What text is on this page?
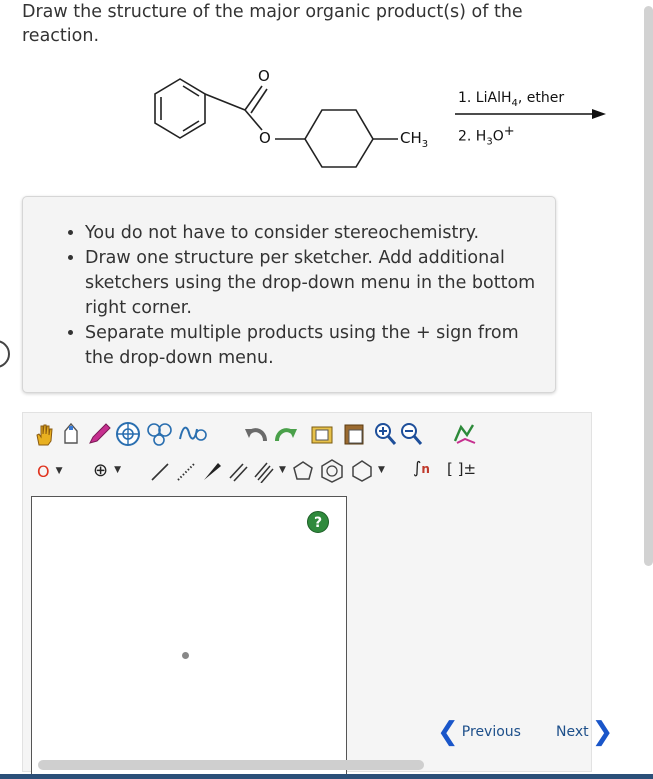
Draw the structure of the major organic product(s) of the reaction.
O
O	$CH_3$
1. LiAlH$_4$, ether
2. $H_3O^+$
• You do not have to consider stereochemistry.
• Draw one structure per sketcher. Add additional sketchers using the drop-down menu in the bottom right corner.
• Separate multiple products using the + sign from the drop-down menu.
O ▼ ⊕ ▼	▼	▼ ∫n [ ]±
?
❮ Previous	Next ❯
